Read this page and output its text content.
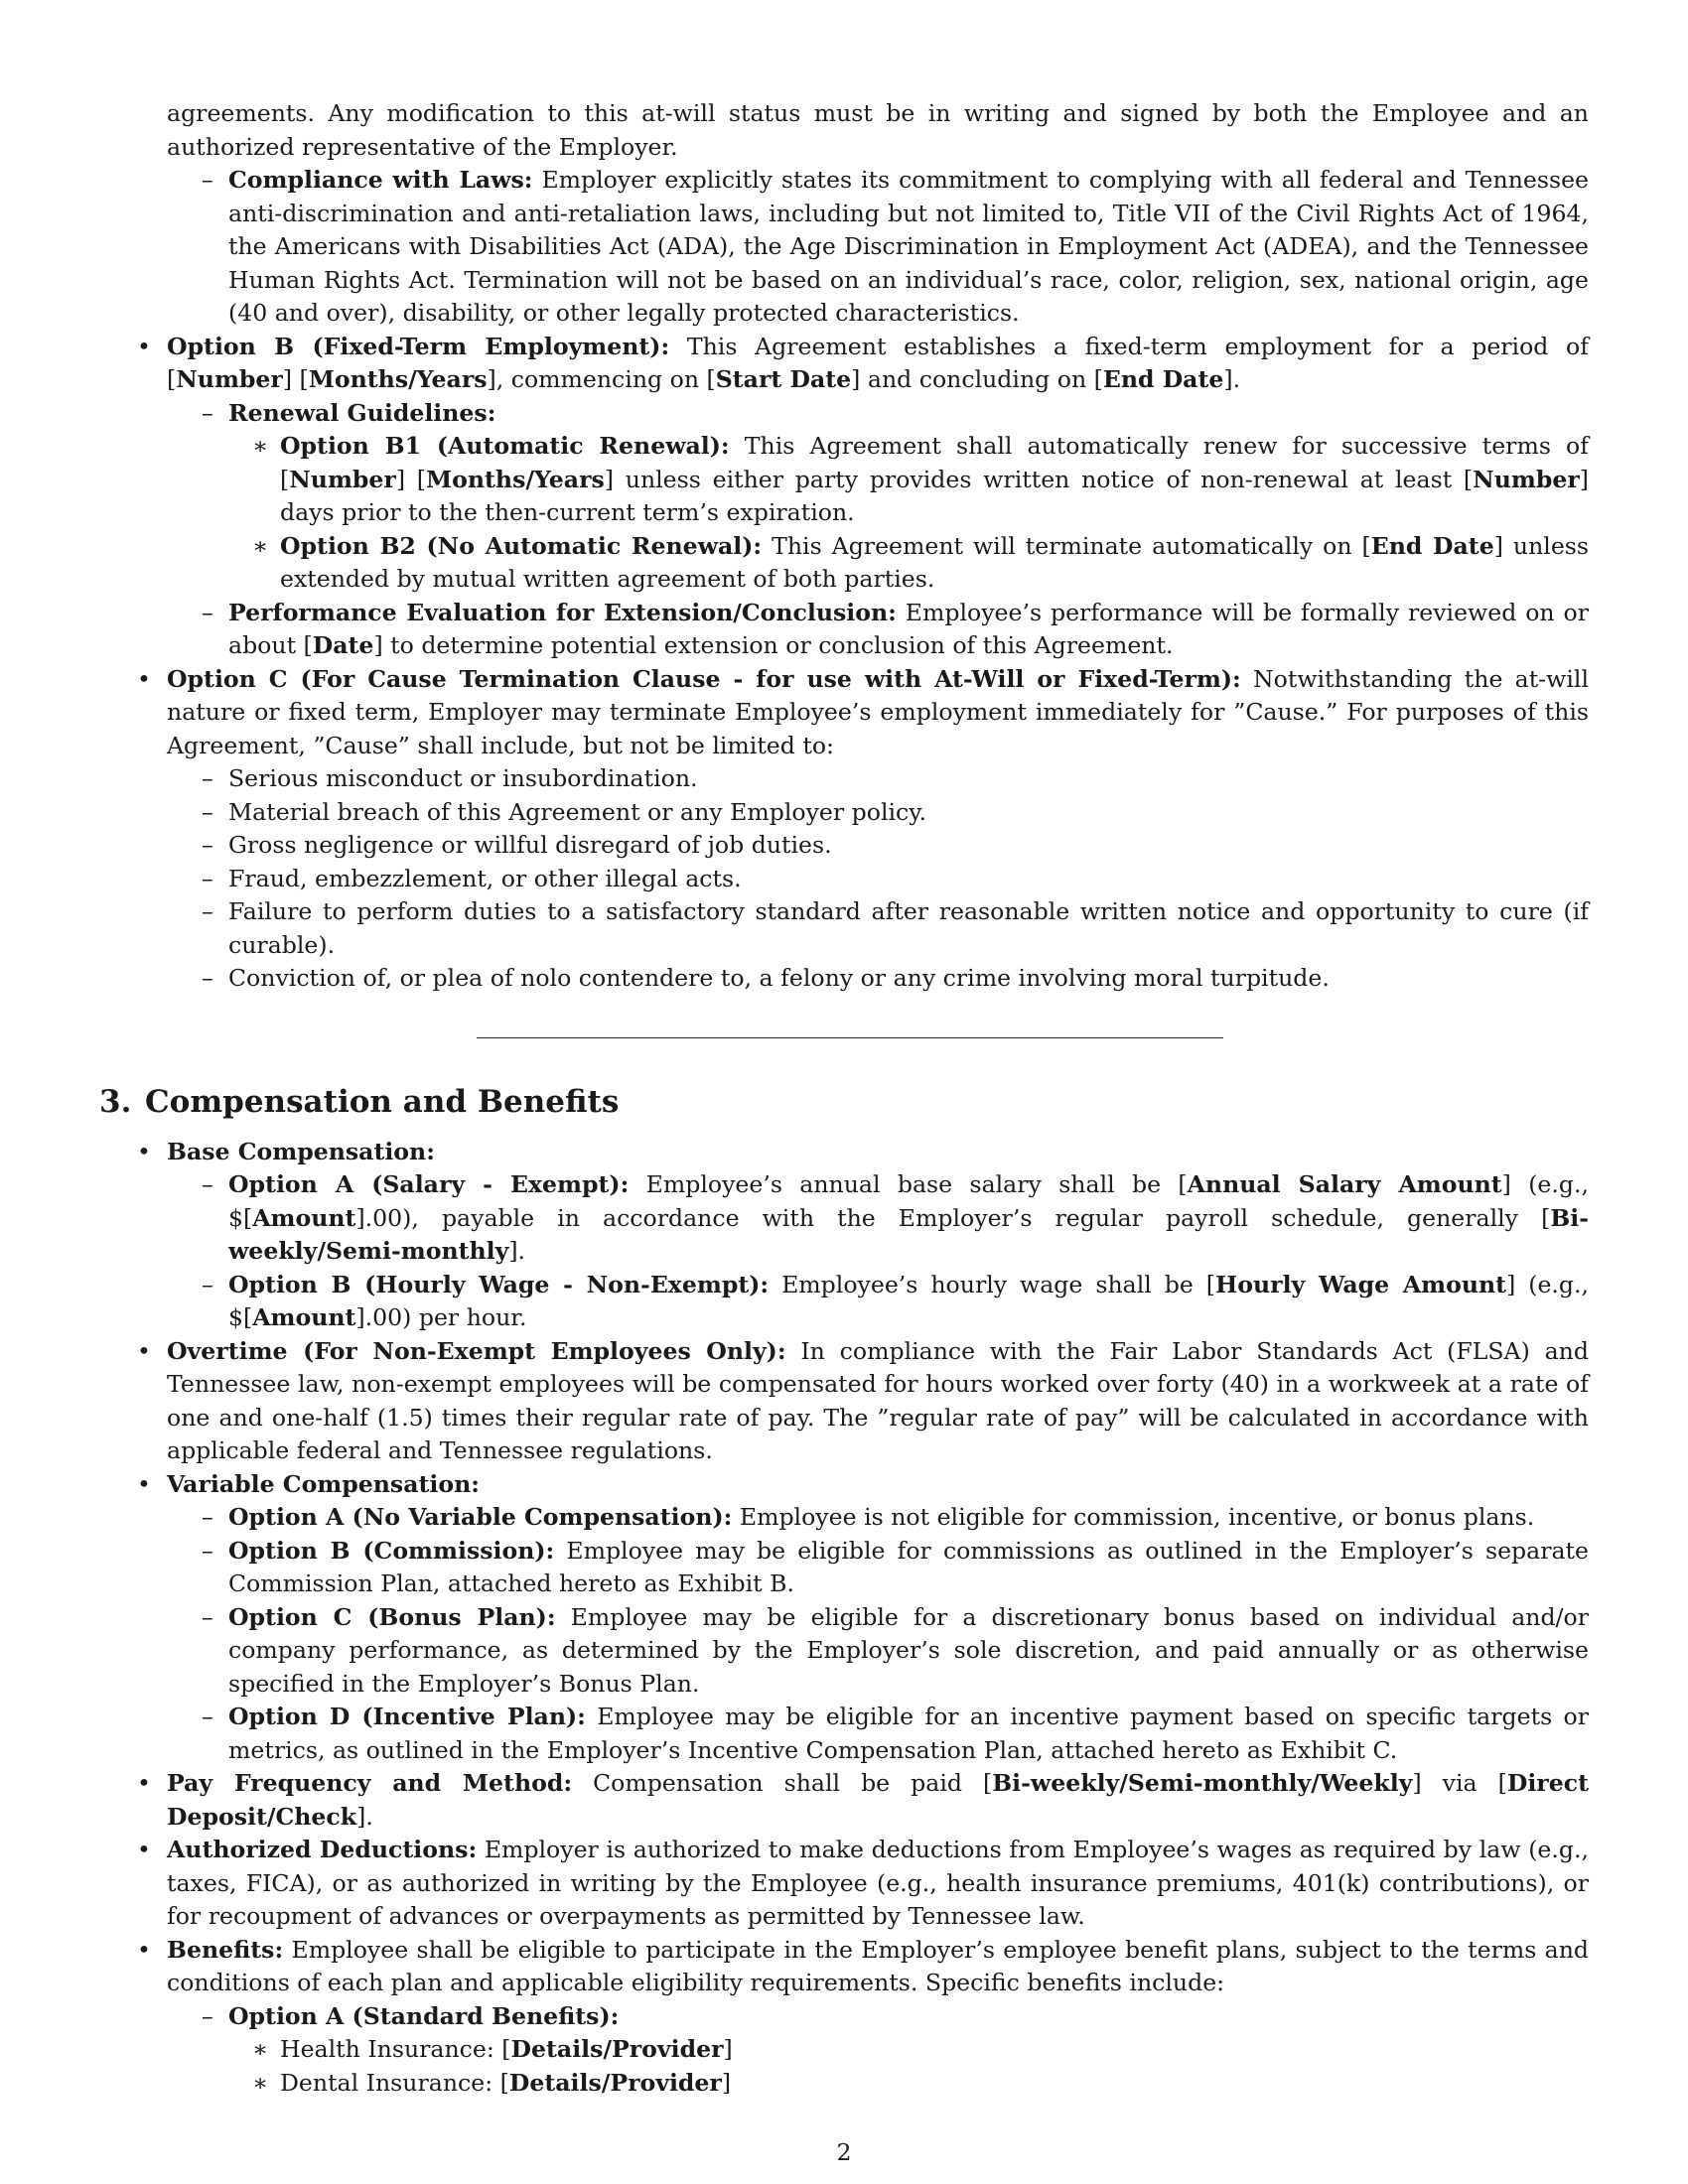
agreements. Any modification to this at-will status must be in writing and signed by both the Employee and an authorized representative of the Employer.

– Compliance with Laws: Employer explicitly states its commitment to complying with all federal and Tennessee anti-discrimination and anti-retaliation laws, including but not limited to, Title VII of the Civil Rights Act of 1964, the Americans with Disabilities Act (ADA), the Age Discrimination in Employment Act (ADEA), and the Tennessee Human Rights Act. Termination will not be based on an individual’s race, color, religion, sex, national origin, age (40 and over), disability, or other legally protected characteristics.
• Option B (Fixed-Term Employment): This Agreement establishes a fixed-term employment for a period of [Number] [Months/Years], commencing on [Start Date] and concluding on [End Date].
– Renewal Guidelines:
∗ Option B1 (Automatic Renewal): This Agreement shall automatically renew for successive terms of [Number] [Months/Years] unless either party provides written notice of non-renewal at least [Number] days prior to the then-current term’s expiration.
∗ Option B2 (No Automatic Renewal): This Agreement will terminate automatically on [End Date] unless extended by mutual written agreement of both parties.
– Performance Evaluation for Extension/Conclusion: Employee’s performance will be formally reviewed on or about [Date] to determine potential extension or conclusion of this Agreement.
• Option C (For Cause Termination Clause - for use with At-Will or Fixed-Term): Notwithstanding the at-will nature or fixed term, Employer may terminate Employee’s employment immediately for ”Cause.” For purposes of this Agreement, ”Cause” shall include, but not be limited to:
– Serious misconduct or insubordination.
– Material breach of this Agreement or any Employer policy.
– Gross negligence or willful disregard of job duties.
– Fraud, embezzlement, or other illegal acts.
– Failure to perform duties to a satisfactory standard after reasonable written notice and opportunity to cure (if curable).
– Conviction of, or plea of nolo contendere to, a felony or any crime involving moral turpitude.
3. Compensation and Benefits
• Base Compensation:
– Option A (Salary - Exempt): Employee’s annual base salary shall be [Annual Salary Amount] (e.g., $[Amount].00), payable in accordance with the Employer’s regular payroll schedule, generally [Bi-weekly/Semi-monthly].
– Option B (Hourly Wage - Non-Exempt): Employee’s hourly wage shall be [Hourly Wage Amount] (e.g., $[Amount].00) per hour.
• Overtime (For Non-Exempt Employees Only): In compliance with the Fair Labor Standards Act (FLSA) and Tennessee law, non-exempt employees will be compensated for hours worked over forty (40) in a workweek at a rate of one and one-half (1.5) times their regular rate of pay. The ”regular rate of pay” will be calculated in accordance with applicable federal and Tennessee regulations.
• Variable Compensation:
– Option A (No Variable Compensation): Employee is not eligible for commission, incentive, or bonus plans.
– Option B (Commission): Employee may be eligible for commissions as outlined in the Employer’s separate Commission Plan, attached hereto as Exhibit B.
– Option C (Bonus Plan): Employee may be eligible for a discretionary bonus based on individual and/or company performance, as determined by the Employer’s sole discretion, and paid annually or as otherwise specified in the Employer’s Bonus Plan.
– Option D (Incentive Plan): Employee may be eligible for an incentive payment based on specific targets or metrics, as outlined in the Employer’s Incentive Compensation Plan, attached hereto as Exhibit C.
• Pay Frequency and Method: Compensation shall be paid [Bi-weekly/Semi-monthly/Weekly] via [Direct Deposit/Check].
• Authorized Deductions: Employer is authorized to make deductions from Employee’s wages as required by law (e.g., taxes, FICA), or as authorized in writing by the Employee (e.g., health insurance premiums, 401(k) contributions), or for recoupment of advances or overpayments as permitted by Tennessee law.
• Benefits: Employee shall be eligible to participate in the Employer’s employee benefit plans, subject to the terms and conditions of each plan and applicable eligibility requirements. Specific benefits include:
– Option A (Standard Benefits):
∗ Health Insurance: [Details/Provider]
∗ Dental Insurance: [Details/Provider]
2
